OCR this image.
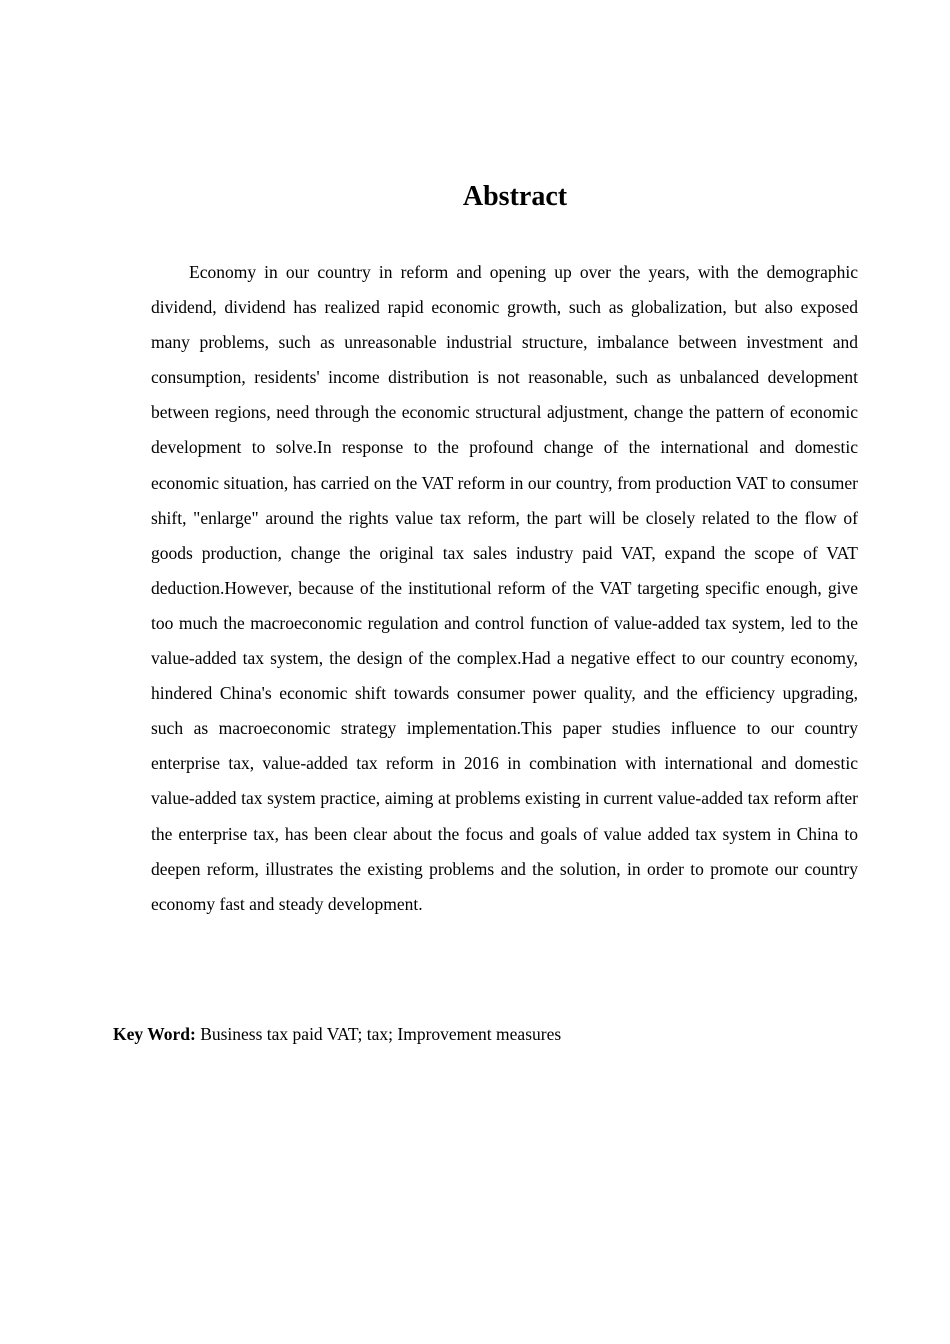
Abstract

Economy in our country in reform and opening up over the years, with the demographic dividend, dividend has realized rapid economic growth, such as globalization, but also exposed many problems, such as unreasonable industrial structure, imbalance between investment and consumption, residents' income distribution is not reasonable, such as unbalanced development between regions, need through the economic structural adjustment, change the pattern of economic development to solve.In response to the profound change of the international and domestic economic situation, has carried on the VAT reform in our country, from production VAT to consumer shift, "enlarge" around the rights value tax reform, the part will be closely related to the flow of goods production, change the original tax sales industry paid VAT, expand the scope of VAT deduction.However, because of the institutional reform of the VAT targeting specific enough, give too much the macroeconomic regulation and control function of value-added tax system, led to the value-added tax system, the design of the complex.Had a negative effect to our country economy, hindered China's economic shift towards consumer power quality, and the efficiency upgrading, such as macroeconomic strategy implementation.This paper studies influence to our country enterprise tax, value-added tax reform in 2016 in combination with international and domestic value-added tax system practice, aiming at problems existing in current value-added tax reform after the enterprise tax, has been clear about the focus and goals of value added tax system in China to deepen reform, illustrates the existing problems and the solution, in order to promote our country economy fast and steady development.

Key Word: Business tax paid VAT; tax; Improvement measures
